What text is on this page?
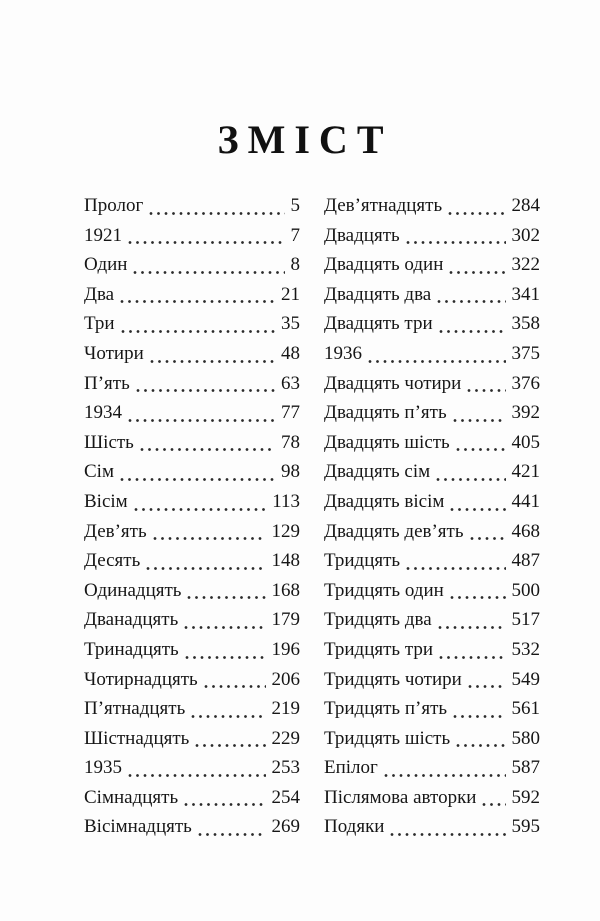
ЗМІСТ
Пролог	5
1921	7
Один	8
Два	21
Три	35
Чотири	48
П’ять	63
1934	77
Шість	78
Сім	98
Вісім	113
Дев’ять	129
Десять	148
Одинадцять	168
Дванадцять	179
Тринадцять	196
Чотирнадцять	206
П’ятнадцять	219
Шістнадцять	229
1935	253
Сімнадцять	254
Вісімнадцять	269
Дев’ятнадцять	284
Двадцять	302
Двадцять один	322
Двадцять два	341
Двадцять три	358
1936	375
Двадцять чотири	376
Двадцять п’ять	392
Двадцять шість	405
Двадцять сім	421
Двадцять вісім	441
Двадцять дев’ять	468
Тридцять	487
Тридцять один	500
Тридцять два	517
Тридцять три	532
Тридцять чотири	549
Тридцять п’ять	561
Тридцять шість	580
Епілог	587
Післямова авторки 592
Подяки	595
